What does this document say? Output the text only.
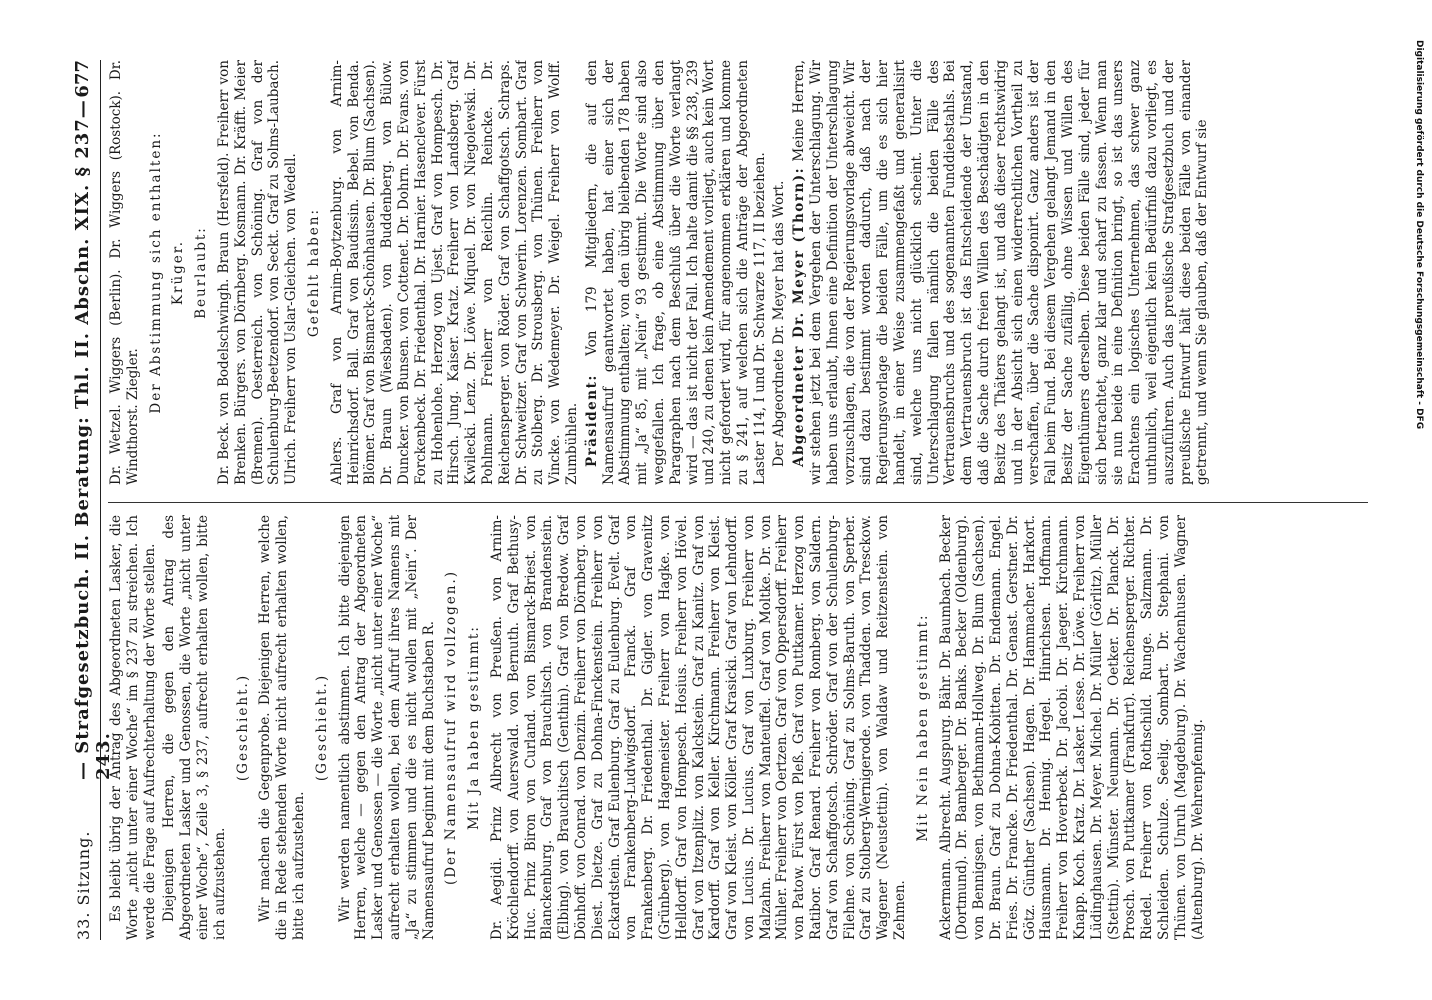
33. Sitzung.
— Strafgesetzbuch. II. Beratung: Thl. II. Abschn. XIX. § 237—243.
677

Es bleibt übrig der Antrag des Abgeordneten Lasker, die Worte „nicht unter einer Woche“ im § 237 zu streichen. Ich werde die Frage auf Aufrechterhaltung der Worte stellen. Diejenigen Herren, die gegen den Antrag des Abgeordneten Lasker und Genossen, die Worte „nicht unter einer Woche“, Zeile 3, § 237, aufrecht erhalten wollen, bitte ich aufzustehen.

(Geschieht.) Wir machen die Gegenprobe. Diejenigen Herren, welche die in Rede stehenden Worte nicht aufrecht erhalten wollen, bitte ich aufzustehen.

(Geschieht.) Wir werden namentlich abstimmen. Ich bitte diejenigen Herren, welche — gegen den Antrag der Abgeordneten Lasker und Genossen — die Worte „nicht unter einer Woche“ aufrecht erhalten wollen, bei dem Aufruf ihres Namens mit „Ja“ zu stimmen und die es nicht wollen mit „Nein“. Der Namensaufruf beginnt mit dem Buchstaben R. (Der Namensaufruf wird vollzogen.) Mit Ja haben gestimmt: Dr. Aegidi. Prinz Albrecht von Preußen. von Arnim-Kröchlendorff. von Auerswald. von Bernuth. Graf Bethusy-Huc. Prinz Biron von Curland. von Bismarck-Briest. von Blanckenburg. Graf von Brauchitsch. von Brandenstein. (Elbing). von Brauchitsch (Genthin). Graf von Bredow. Graf Dönhoff. von Conrad. von Denzin. Freiherr von Dörnberg. von Diest. Dietze. Graf zu Dohna-Finckenstein. Freiherr von Eckardstein. Graf Eulenburg. Graf zu Eulenburg. Evelt. Graf von Frankenberg-Ludwigsdorf. Franck. Graf von Frankenberg. Dr. Friedenthal. Dr. Gigler. von Gravenitz (Grünberg). von Hagemeister. Freiherr von Hagke. von Helldorff. Graf von Hompesch. Hosius. Freiherr von Hövel. Graf von Itzenplitz. von Kalckstein. Graf zu Kanitz. Graf von Kardorff. Graf von Keller. Kirchmann. Freiherr von Kleist. Graf von Kleist. von Köller. Graf Krasicki. Graf von Lehndorff. von Lucius. Dr. Lucius. Graf von Luxburg. Freiherr von Malzahn. Freiherr von Manteuffel. Graf von Moltke. Dr. von Mühler. Freiherr von Oertzen. Graf von Oppersdorff. Freiherr von Patow. Fürst von Pleß. Graf von Puttkamer. Herzog von Ratibor. Graf Renard. Freiherr von Romberg. von Saldern. Graf von Schaffgotsch. Schröder. Graf von der Schulenburg-Filehne. von Schöning. Graf zu Solms-Baruth. von Sperber. Graf zu Stolberg-Wernigerode. von Thadden. von Tresckow. Wagener (Neustettin). von Waldaw und Reitzenstein. von Zehmen.

Mit Nein haben gestimmt: Ackermann. Albrecht. Augspurg. Bähr. Dr. Baumbach. Becker (Dortmund). Dr. Bamberger. Dr. Banks. Becker (Oldenburg). von Bennigsen. von Bethmann-Hollweg. Dr. Blum (Sachsen). Dr. Braun. Graf zu Dohna-Kobitten. Dr. Endemann. Engel. Fries. Dr. Francke. Dr. Friedenthal. Dr. Genast. Gerstner. Dr. Götz. Günther (Sachsen). Hagen. Dr. Hammacher. Harkort. Hausmann. Dr. Hennig. Hegel. Hinrichsen. Hoffmann. Freiherr von Hoverbeck. Dr. Jacobi. Dr. Jaeger. Kirchmann. Knapp. Koch. Kratz. Dr. Lasker. Lesse. Dr. Löwe. Freiherr von Lüdinghausen. Dr. Meyer. Michel. Dr. Müller (Görlitz). Müller (Stettin). Münster. Neumann. Dr. Oetker. Dr. Planck. Dr. Prosch. von Puttkamer (Frankfurt). Reichensperger. Richter. Riedel. Freiherr von Rothschild. Runge. Salzmann. Dr. Schleiden. Schulze. Seelig. Sombart. Dr. Stephani. von Thünen. von Unruh (Magdeburg). Dr. Wachenhusen. Wagner (Altenburg). Dr. Wehrenpfennig.

Dr. Wetzel. Wiggers (Berlin). Dr. Wiggers (Rostock). Dr. Windthorst. Ziegler.

Der Abstimmung sich enthalten: Krüger. Beurlaubt: Dr. Beck. von Bodelschwingh. Braun (Hersfeld). Freiherr von Brenken. Bürgers. von Dörnberg. Kosmann. Dr. Kräfft. Meier (Bremen). Oesterreich. von Schöning. Graf von der Schulenburg-Beetzendorf. von Seckt. Graf zu Solms-Laubach. Ulrich. Freiherr von Uslar-Gleichen. von Wedell. Gefehlt haben: Ahlers. Graf von Arnim-Boytzenburg. von Arnim-Heinrichsdorf. Ball. Graf von Baudissin. Bebel. von Benda. Blömer. Graf von Bismarck-Schönhausen. Dr. Blum (Sachsen). Dr. Braun (Wiesbaden). von Buddenberg. von Bülow. Duncker. von Bunsen. von Cottenet. Dr. Dohrn. Dr. Evans. von Forckenbeck. Dr. Friedenthal. Dr. Harnier. Hasenclever. Fürst zu Hohenlohe. Herzog von Ujest. Graf von Hompesch. Dr. Hirsch. Jung. Kaiser. Kratz. Freiherr von Landsberg. Graf Kwilecki. Lenz. Dr. Löwe. Miquel. Dr. von Niegolewski. Dr. Pohlmann. Freiherr von Reichlin. Reincke. Dr. Reichensperger. von Röder. Graf von Schaffgotsch. Schraps. Dr. Schweitzer. Graf von Schwerin. Lorenzen. Sombart. Graf zu Stolberg. Dr. Strousberg. von Thünen. Freiherr von Vincke. von Wedemeyer. Dr. Weigel. Freiherr von Wolff. Zumbühlen. Präsident: Von 179 Mitgliedern, die auf den Namensaufruf geantwortet haben, hat einer sich der Abstimmung enthalten; von den übrig bleibenden 178 haben mit „Ja“ 85, mit „Nein“ 93 gestimmt. Die Worte sind also weggefallen. Ich frage, ob eine Abstimmung über den Paragraphen nach dem Beschluß über die Worte verlangt wird — das ist nicht der Fall. Ich halte damit die §§ 238, 239 und 240, zu denen kein Amendement vorliegt, auch kein Wort nicht gefordert wird, für angenommen erklären und komme zu § 241, auf welchen sich die Anträge der Abgeordneten Laster 114, I und Dr. Schwarze 117, II beziehen. Der Abgeordnete Dr. Meyer hat das Wort. Abgeordneter Dr. Meyer (Thorn): Meine Herren, wir stehen jetzt bei dem Vergehen der Unterschlagung. Wir haben uns erlaubt, Ihnen eine Definition der Unterschlagung vorzuschlagen, die von der Regierungsvorlage abweicht. Wir sind dazu bestimmt worden dadurch, daß nach der Regierungsvorlage die beiden Fälle, um die es sich hier handelt, in einer Weise zusammengefaßt und generalisirt sind, welche uns nicht glücklich scheint. Unter die Unterschlagung fallen nämlich die beiden Fälle des Vertrauensbruchs und des sogenannten Funddiebstahls. Bei dem Vertrauensbruch ist das Entscheidende der Umstand, daß die Sache durch freien Willen des Beschädigten in den Besitz des Thäters gelangt ist, und daß dieser rechtswidrig und in der Absicht sich einen widerrechtlichen Vortheil zu verschaffen, über die Sache disponirt. Ganz anders ist der Fall beim Fund. Bei diesem Vergehen gelangt Jemand in den Besitz der Sache zufällig, ohne Wissen und Willen des Eigenthümers derselben. Diese beiden Fälle sind, jeder für sich betrachtet, ganz klar und scharf zu fassen. Wenn man sie nun beide in eine Definition bringt, so ist das unsers Erachtens ein logisches Unternehmen, das schwer ganz unthunlich, weil eigentlich kein Bedürfniß dazu vorliegt, es auszuführen. Auch das preußische Strafgesetzbuch und der preußische Entwurf hält diese beiden Fälle von einander getrennt, und wenn Sie glauben, daß der Entwurf sie	Digitalisierung gefördert durch die Deutsche Forschungsgemeinschaft - DFG
